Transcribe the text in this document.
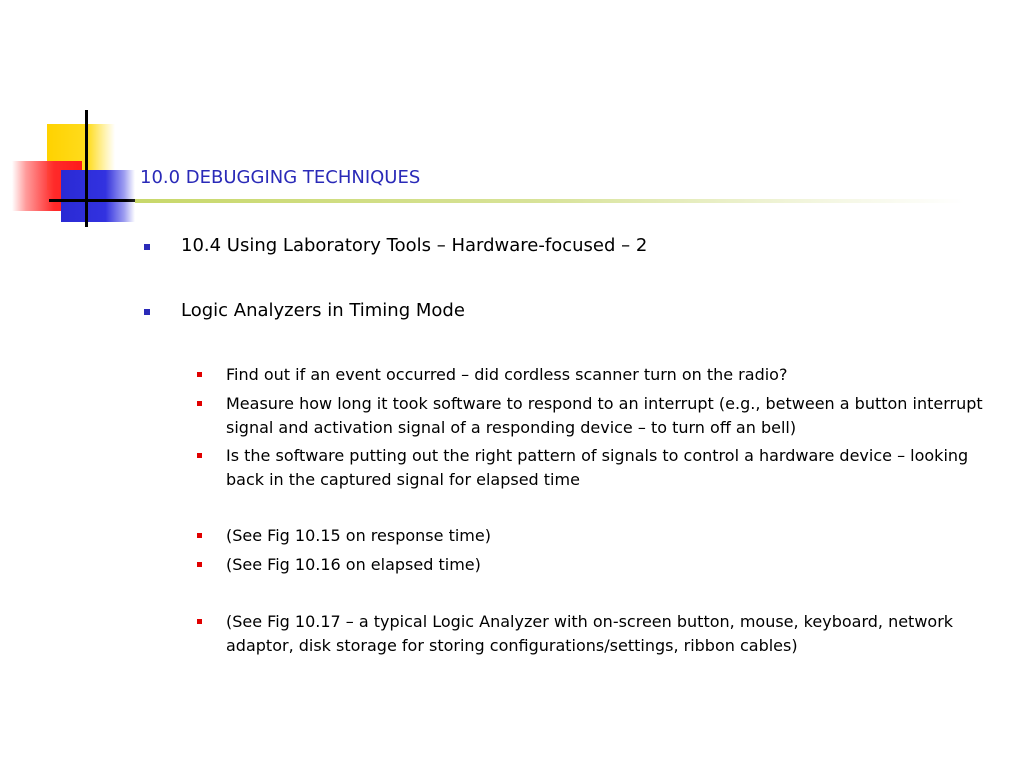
10.0 DEBUGGING TECHNIQUES
10.4 Using Laboratory Tools – Hardware-focused – 2
Logic Analyzers in Timing Mode
Find out if an event occurred – did cordless scanner turn on the radio?
Measure how long it took software to respond to an interrupt (e.g., between a button interrupt signal and activation signal of a responding device – to turn off an bell)
Is the software putting out the right pattern of signals to control a hardware device – looking back in the captured signal for elapsed time
(See Fig 10.15 on response time)
(See Fig 10.16 on elapsed time)
(See Fig 10.17 – a typical Logic Analyzer with on-screen button, mouse, keyboard, network adaptor, disk storage for storing configurations/settings, ribbon cables)
